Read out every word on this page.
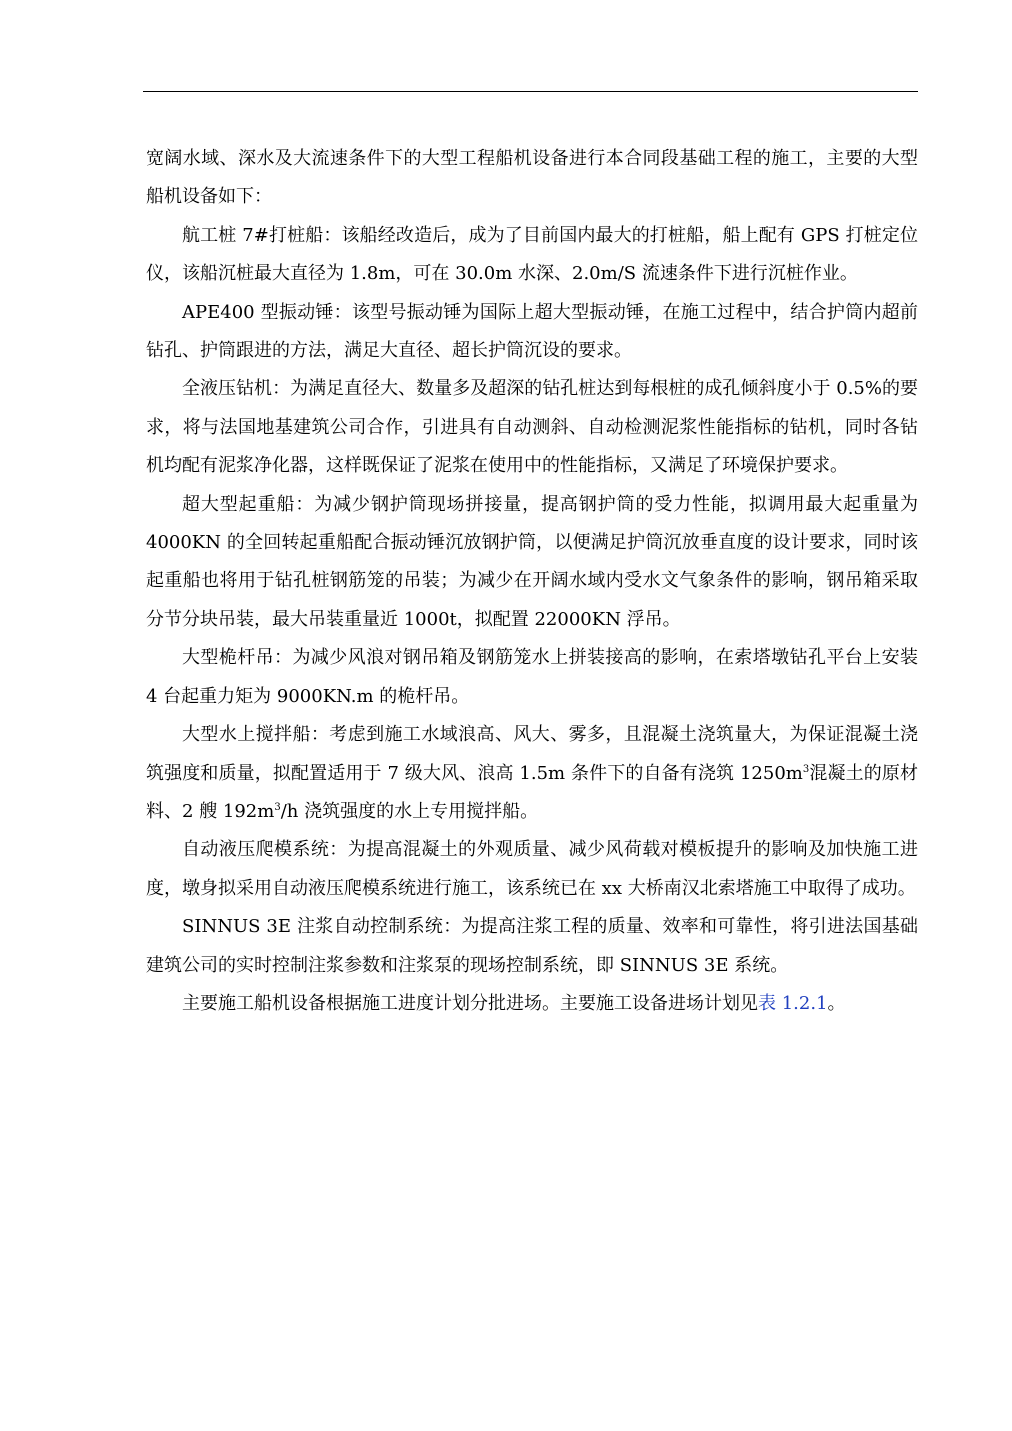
宽阔水域、深水及大流速条件下的大型工程船机设备进行本合同段基础工程的施工，主要的大型船机设备如下：

航工桩 7#打桩船：该船经改造后，成为了目前国内最大的打桩船，船上配有 GPS 打桩定位仪，该船沉桩最大直径为 1.8m，可在 30.0m 水深、2.0m/S 流速条件下进行沉桩作业。

APE400 型振动锤：该型号振动锤为国际上超大型振动锤，在施工过程中，结合护筒内超前钻孔、护筒跟进的方法，满足大直径、超长护筒沉设的要求。

全液压钻机：为满足直径大、数量多及超深的钻孔桩达到每根桩的成孔倾斜度小于 0.5%的要求，将与法国地基建筑公司合作，引进具有自动测斜、自动检测泥浆性能指标的钻机，同时各钻机均配有泥浆净化器，这样既保证了泥浆在使用中的性能指标，又满足了环境保护要求。

超大型起重船：为减少钢护筒现场拼接量，提高钢护筒的受力性能，拟调用最大起重量为 4000KN 的全回转起重船配合振动锤沉放钢护筒，以便满足护筒沉放垂直度的设计要求，同时该起重船也将用于钻孔桩钢筋笼的吊装；为减少在开阔水域内受水文气象条件的影响，钢吊箱采取分节分块吊装，最大吊装重量近 1000t，拟配置 22000KN 浮吊。

大型桅杆吊：为减少风浪对钢吊箱及钢筋笼水上拼装接高的影响，在索塔墩钻孔平台上安装 4 台起重力矩为 9000KN.m 的桅杆吊。

大型水上搅拌船：考虑到施工水域浪高、风大、雾多，且混凝土浇筑量大，为保证混凝土浇筑强度和质量，拟配置适用于 7 级大风、浪高 1.5m 条件下的自备有浇筑 $1250m^3$混凝土的原材料、2 艘 $192m^3/h$ 浇筑强度的水上专用搅拌船。

自动液压爬模系统：为提高混凝土的外观质量、减少风荷载对模板提升的影响及加快施工进度，墩身拟采用自动液压爬模系统进行施工，该系统已在 xx 大桥南汉北索塔施工中取得了成功。

SINNUS 3E 注浆自动控制系统：为提高注浆工程的质量、效率和可靠性，将引进法国基础建筑公司的实时控制注浆参数和注浆泵的现场控制系统，即 SINNUS 3E 系统。

主要施工船机设备根据施工进度计划分批进场。主要施工设备进场计划见表 1.2.1。
